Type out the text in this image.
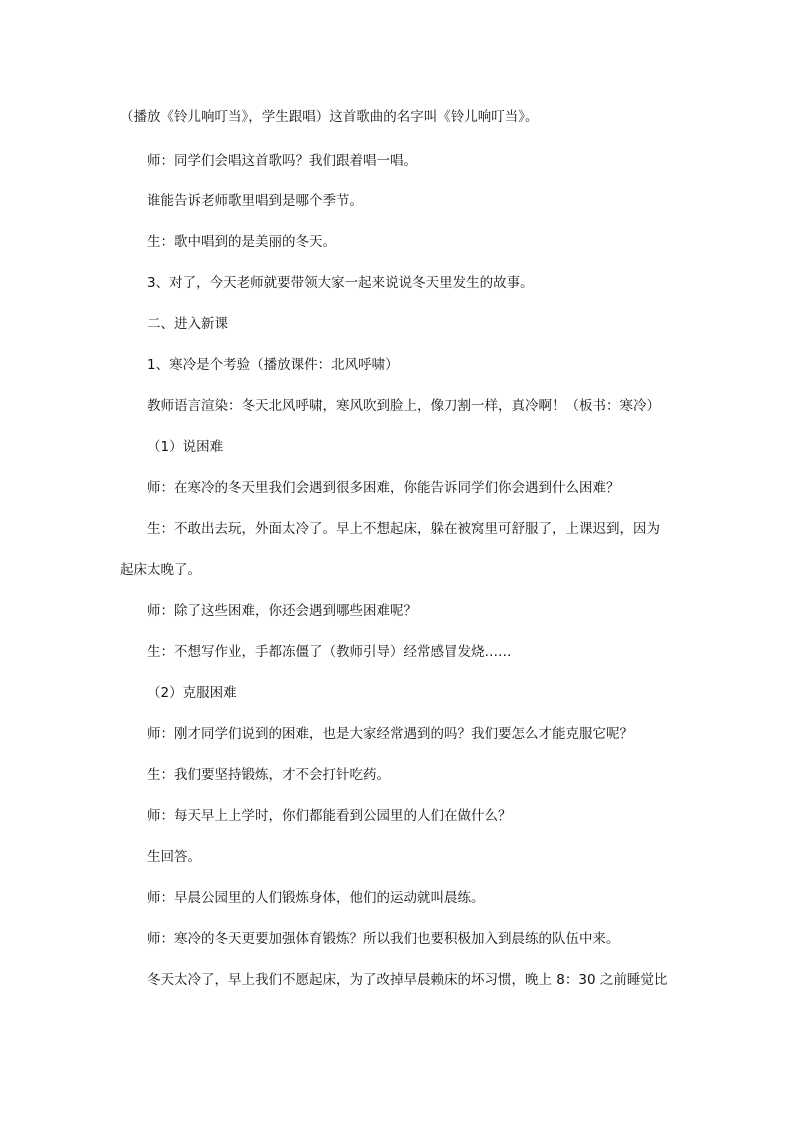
（播放《铃儿响叮当》，学生跟唱）这首歌曲的名字叫《铃儿响叮当》。
师：同学们会唱这首歌吗？我们跟着唱一唱。
谁能告诉老师歌里唱到是哪个季节。
生：歌中唱到的是美丽的冬天。
3、对了，今天老师就要带领大家一起来说说冬天里发生的故事。
二、进入新课
1、寒冷是个考验（播放课件：北风呼啸）
教师语言渲染：冬天北风呼啸，寒风吹到脸上，像刀割一样，真冷啊！（板书：寒冷）
（1）说困难
师：在寒冷的冬天里我们会遇到很多困难，你能告诉同学们你会遇到什么困难？
生：不敢出去玩，外面太冷了。早上不想起床，躲在被窝里可舒服了，上课迟到，因为
起床太晚了。
师：除了这些困难，你还会遇到哪些困难呢？
生：不想写作业，手都冻僵了（教师引导）经常感冒发烧……
（2）克服困难
师：刚才同学们说到的困难，也是大家经常遇到的吗？我们要怎么才能克服它呢？
生：我们要坚持锻炼，才不会打针吃药。
师：每天早上上学时，你们都能看到公园里的人们在做什么？
生回答。
师：早晨公园里的人们锻炼身体，他们的运动就叫晨练。
师：寒冷的冬天更要加强体育锻炼？所以我们也要积极加入到晨练的队伍中来。
冬天太冷了，早上我们不愿起床，为了改掉早晨赖床的坏习惯，晚上 8：30 之前睡觉比
